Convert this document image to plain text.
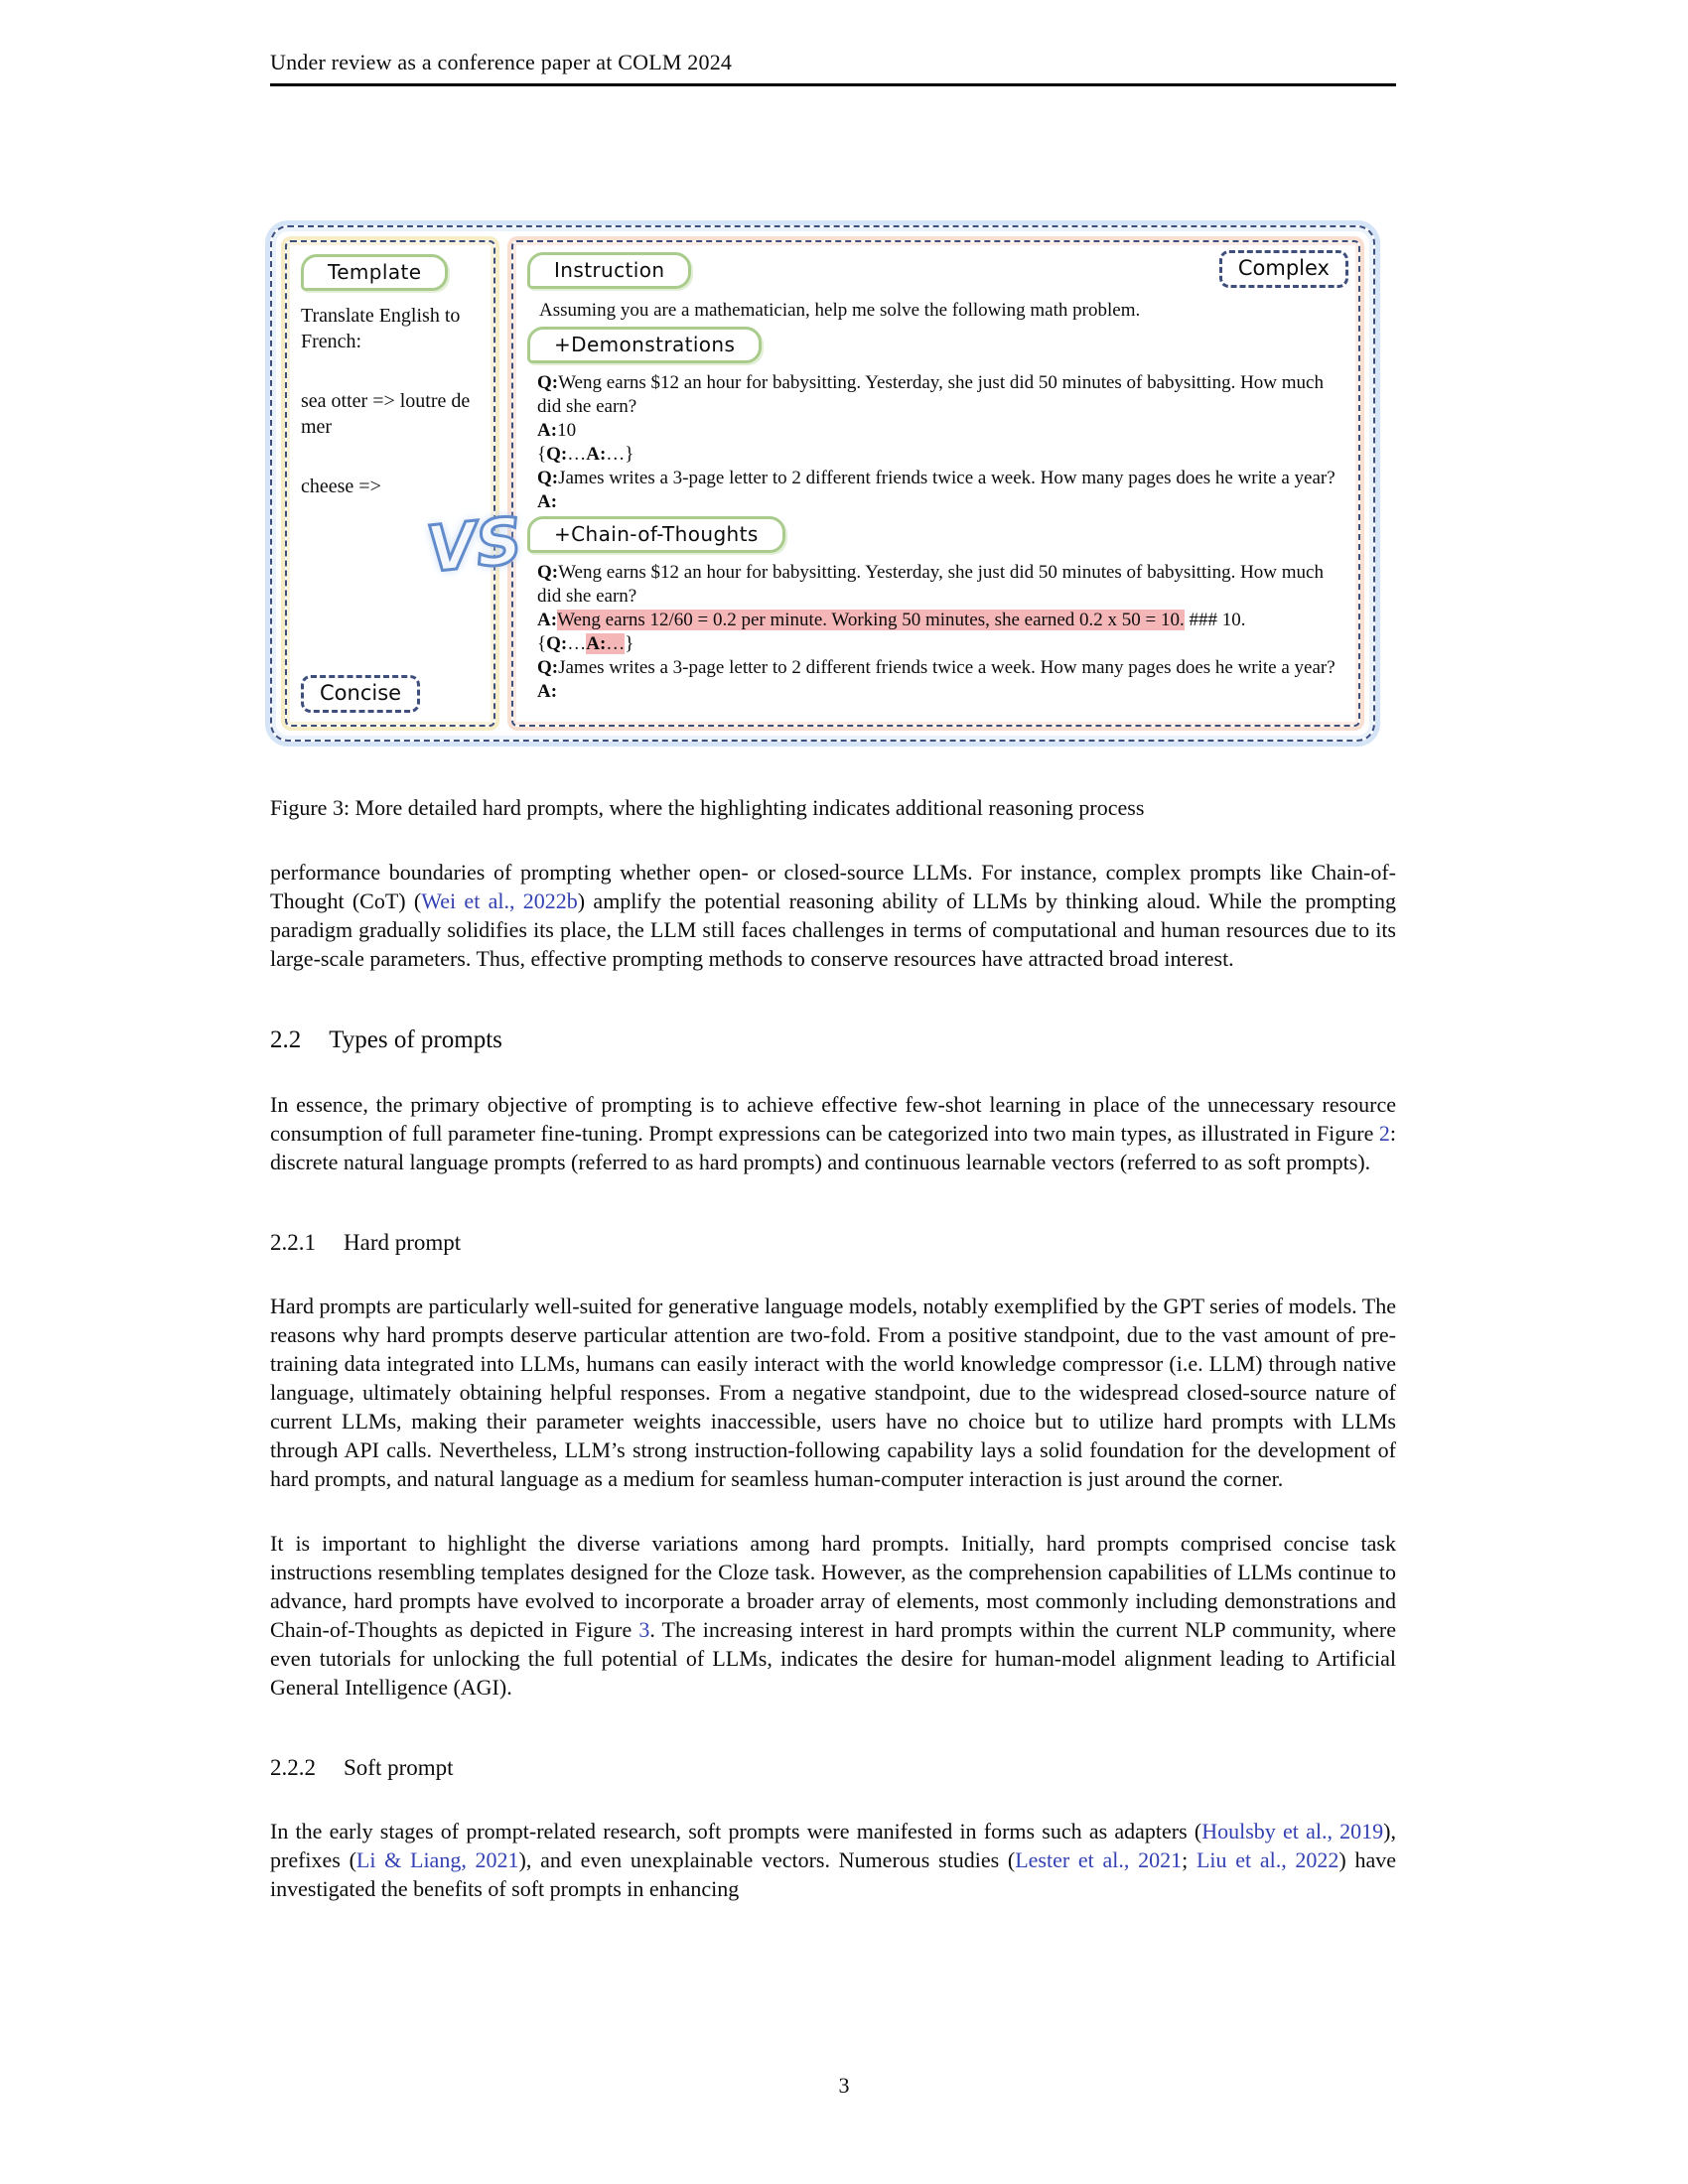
Under review as a conference paper at COLM 2024
Template

Translate English to French:

sea otter => loutre de mer

cheese =>

Concise
VS
Complex
Instruction

Assuming you are a mathematician, help me solve the following math problem.

+Demonstrations

Q:Weng earns $12 an hour for babysitting. Yesterday, she just did 50 minutes of babysitting. How much did she earn?

A:10

{Q:…A:…}

Q:James writes a 3-page letter to 2 different friends twice a week. How many pages does he write a year?

A:

+Chain-of-Thoughts

Q:Weng earns $12 an hour for babysitting. Yesterday, she just did 50 minutes of babysitting. How much did she earn?

A:Weng earns 12/60 = 0.2 per minute. Working 50 minutes, she earned 0.2 x 50 = 10. ### 10.

{Q:…A:…}

Q:James writes a 3-page letter to 2 different friends twice a week. How many pages does he write a year?

A:

Figure 3: More detailed hard prompts, where the highlighting indicates additional reasoning process

performance boundaries of prompting whether open- or closed-source LLMs. For instance, complex prompts like Chain-of-Thought (CoT) (Wei et al., 2022b) amplify the potential reasoning ability of LLMs by thinking aloud. While the prompting paradigm gradually solidifies its place, the LLM still faces challenges in terms of computational and human resources due to its large-scale parameters. Thus, effective prompting methods to conserve resources have attracted broad interest.

2.2 Types of prompts

In essence, the primary objective of prompting is to achieve effective few-shot learning in place of the unnecessary resource consumption of full parameter fine-tuning. Prompt expressions can be categorized into two main types, as illustrated in Figure 2: discrete natural language prompts (referred to as hard prompts) and continuous learnable vectors (referred to as soft prompts).

2.2.1 Hard prompt

Hard prompts are particularly well-suited for generative language models, notably exemplified by the GPT series of models. The reasons why hard prompts deserve particular attention are two-fold. From a positive standpoint, due to the vast amount of pre-training data integrated into LLMs, humans can easily interact with the world knowledge compressor (i.e. LLM) through native language, ultimately obtaining helpful responses. From a negative standpoint, due to the widespread closed-source nature of current LLMs, making their parameter weights inaccessible, users have no choice but to utilize hard prompts with LLMs through API calls. Nevertheless, LLM’s strong instruction-following capability lays a solid foundation for the development of hard prompts, and natural language as a medium for seamless human-computer interaction is just around the corner.

It is important to highlight the diverse variations among hard prompts. Initially, hard prompts comprised concise task instructions resembling templates designed for the Cloze task. However, as the comprehension capabilities of LLMs continue to advance, hard prompts have evolved to incorporate a broader array of elements, most commonly including demonstrations and Chain-of-Thoughts as depicted in Figure 3. The increasing interest in hard prompts within the current NLP community, where even tutorials for unlocking the full potential of LLMs, indicates the desire for human-model alignment leading to Artificial General Intelligence (AGI).

2.2.2 Soft prompt

In the early stages of prompt-related research, soft prompts were manifested in forms such as adapters (Houlsby et al., 2019), prefixes (Li & Liang, 2021), and even unexplainable vectors. Numerous studies (Lester et al., 2021; Liu et al., 2022) have investigated the benefits of soft prompts in enhancing

3
